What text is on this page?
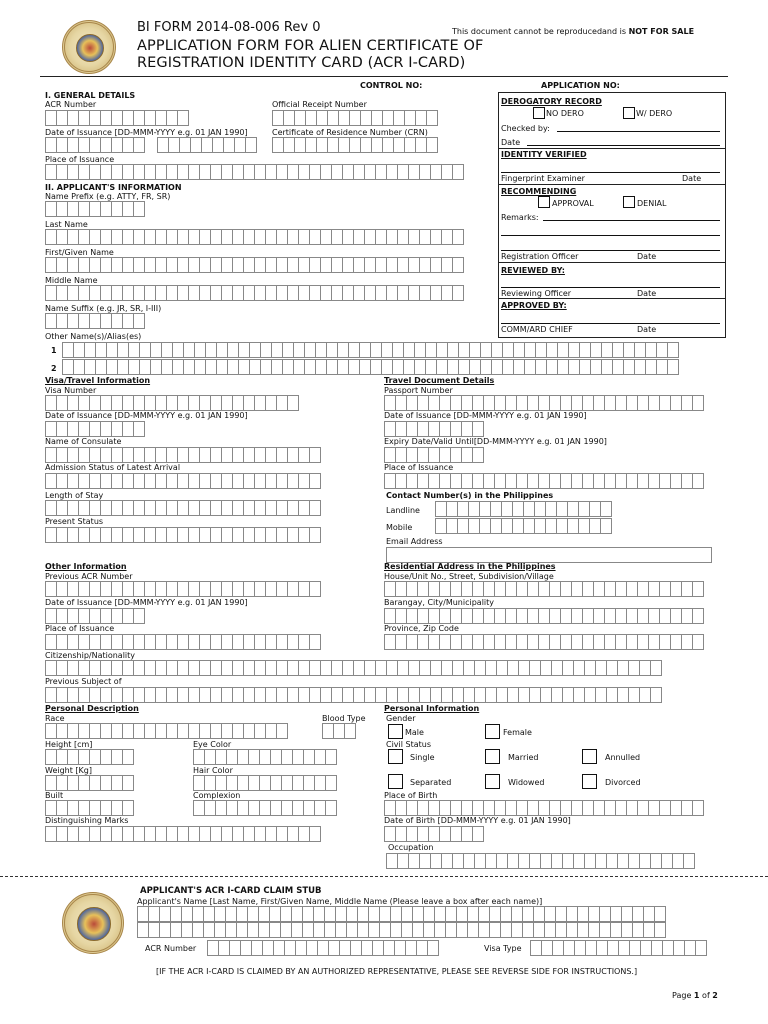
BI FORM 2014-08-006 Rev 0	This document cannot be reproducedand is NOT FOR SALE
APPLICATION FORM FOR ALIEN CERTIFICATE OF
REGISTRATION IDENTITY CARD (ACR I-CARD)
CONTROL NO:	APPLICATION NO:
I. GENERAL DETAILS
ACR Number	Official Receipt Number
Date of Issuance [DD-MMM-YYYY e.g. 01 JAN 1990]	Certificate of Residence Number (CRN)
Place of Issuance
II. APPLICANT'S INFORMATION
Name Prefix (e.g. ATTY, FR, SR)
Last Name
First/Given Name
Middle Name
Name Suffix (e.g. JR, SR, I-III)
Other Name(s)/Alias(es)
1
2
DEROGATORY RECORD
NO DERO	W/ DERO
Checked by:
Date
IDENTITY VERIFIED
Fingerprint Examiner	Date
RECOMMENDING
APPROVAL	DENIAL
Remarks:
Registration Officer	Date
REVIEWED BY:
Reviewing Officer	Date
APPROVED BY:
COMM/ARD CHIEF	Date
Visa/Travel Information
Visa Number
Date of Issuance [DD-MMM-YYYY e.g. 01 JAN 1990]
Name of Consulate
Admission Status of Latest Arrival
Length of Stay
Present Status
Travel Document Details
Passport Number
Date of Issuance [DD-MMM-YYYY e.g. 01 JAN 1990]
Expiry Date/Valid Until[DD-MMM-YYYY e.g. 01 JAN 1990]
Place of Issuance
Contact Number(s) in the Philippines
Landline
Mobile
Email Address
Other Information
Previous ACR Number
Date of Issuance [DD-MMM-YYYY e.g. 01 JAN 1990]
Place of Issuance
Citizenship/Nationality
Previous Subject of
Residential Address in the Philippines
House/Unit No., Street, Subdivision/Village
Barangay, City/Municipality
Province, Zip Code
Personal Description
Race	Blood Type
Height [cm]	Eye Color
Weight [Kg]	Hair Color
Built	Complexion
Distinguishing Marks
Personal Information
Gender
Male	Female
Civil Status
Single	Married	Annulled
Separated	Widowed	Divorced
Place of Birth
Date of Birth [DD-MMM-YYYY e.g. 01 JAN 1990]
Occupation
APPLICANT'S ACR I-CARD CLAIM STUB
Applicant's Name [Last Name, First/Given Name, Middle Name (Please leave a box after each name)]
ACR Number	Visa Type
[IF THE ACR I-CARD IS CLAIMED BY AN AUTHORIZED REPRESENTATIVE, PLEASE SEE REVERSE SIDE FOR INSTRUCTIONS.]
Page 1 of 2
